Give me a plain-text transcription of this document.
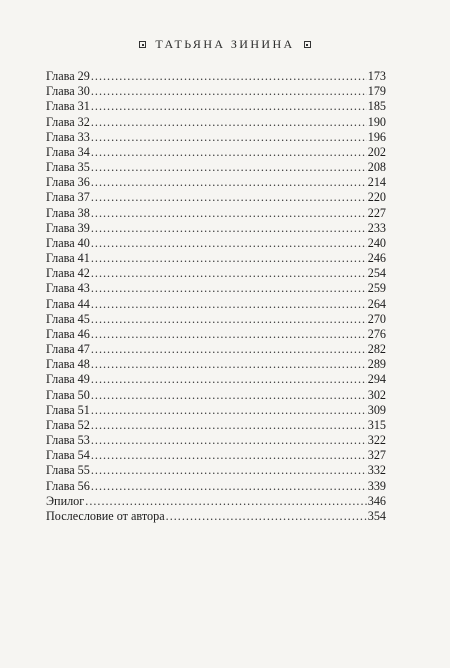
ТАТЬЯНА ЗИНИНА
Глава 29 .....	173
Глава 30 .....	179
Глава 31 .....	185
Глава 32 .....	190
Глава 33 .....	196
Глава 34 .....	202
Глава 35 .....	208
Глава 36 .....	214
Глава 37 .....	220
Глава 38 .....	227
Глава 39 .....	233
Глава 40 .....	240
Глава 41 .....	246
Глава 42 .....	254
Глава 43 .....	259
Глава 44 .....	264
Глава 45 .....	270
Глава 46 .....	276
Глава 47 .....	282
Глава 48 .....	289
Глава 49 .....	294
Глава 50 .....	302
Глава 51 .....	309
Глава 52 .....	315
Глава 53 .....	322
Глава 54 .....	327
Глава 55 .....	332
Глава 56 .....	339
Эпилог .....	346
Послесловие от автора .....	354
